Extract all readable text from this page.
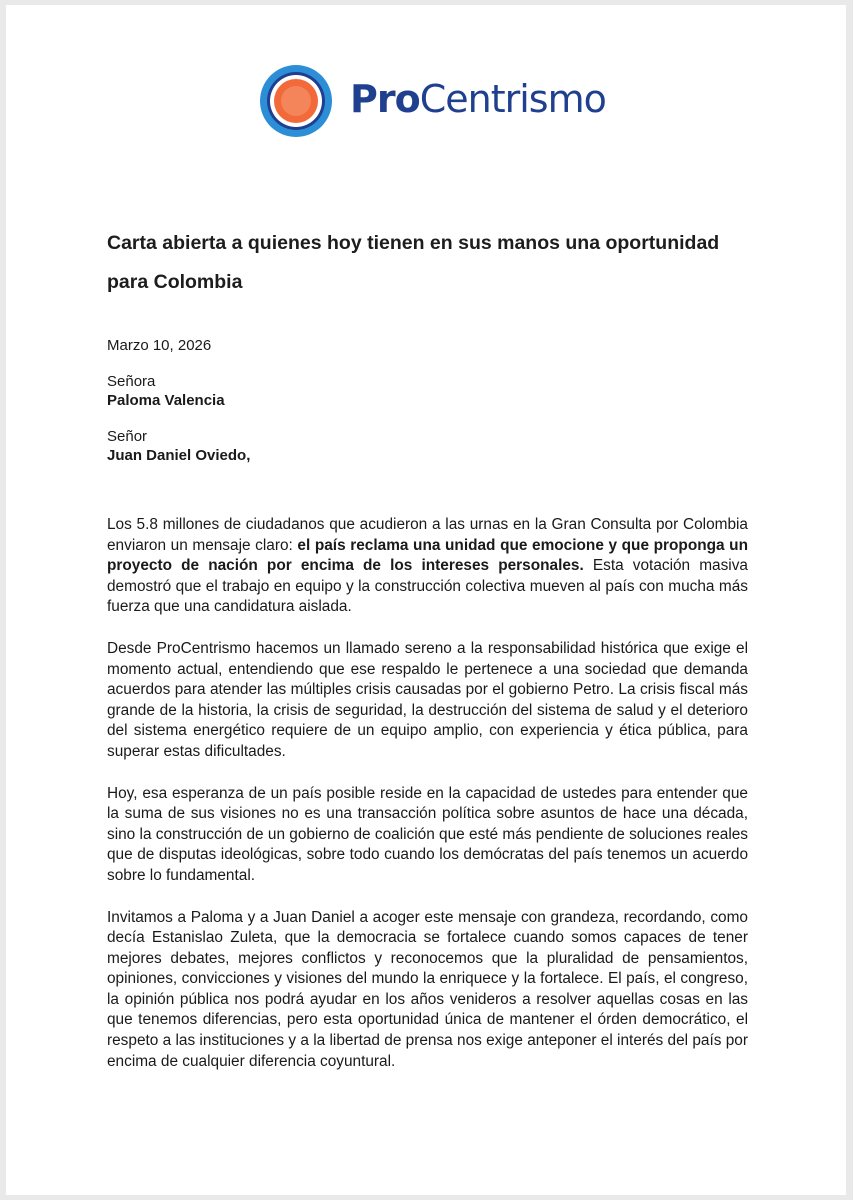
ProCentrismo
Carta abierta a quienes hoy tienen en sus manos una oportunidad para Colombia

Marzo 10, 2026

Señora

Paloma Valencia

Señor

Juan Daniel Oviedo,

Los 5.8 millones de ciudadanos que acudieron a las urnas en la Gran Consulta por Colombia enviaron un mensaje claro: el país reclama una unidad que emocione y que proponga un proyecto de nación por encima de los intereses personales. Esta votación masiva demostró que el trabajo en equipo y la construcción colectiva mueven al país con mucha más fuerza que una candidatura aislada.

Desde ProCentrismo hacemos un llamado sereno a la responsabilidad histórica que exige el momento actual, entendiendo que ese respaldo le pertenece a una sociedad que demanda acuerdos para atender las múltiples crisis causadas por el gobierno Petro. La crisis fiscal más grande de la historia, la crisis de seguridad, la destrucción del sistema de salud y el deterioro del sistema energético requiere de un equipo amplio, con experiencia y ética pública, para superar estas dificultades.

Hoy, esa esperanza de un país posible reside en la capacidad de ustedes para entender que la suma de sus visiones no es una transacción política sobre asuntos de hace una década, sino la construcción de un gobierno de coalición que esté más pendiente de soluciones reales que de disputas ideológicas, sobre todo cuando los demócratas del país tenemos un acuerdo sobre lo fundamental.

Invitamos a Paloma y a Juan Daniel a acoger este mensaje con grandeza, recordando, como decía Estanislao Zuleta, que la democracia se fortalece cuando somos capaces de tener mejores debates, mejores conflictos y reconocemos que la pluralidad de pensamientos, opiniones, convicciones y visiones del mundo la enriquece y la fortalece. El país, el congreso, la opinión pública nos podrá ayudar en los años venideros a resolver aquellas cosas en las que tenemos diferencias, pero esta oportunidad única de mantener el órden democrático, el respeto a las instituciones y a la libertad de prensa nos exige anteponer el interés del país por encima de cualquier diferencia coyuntural.
